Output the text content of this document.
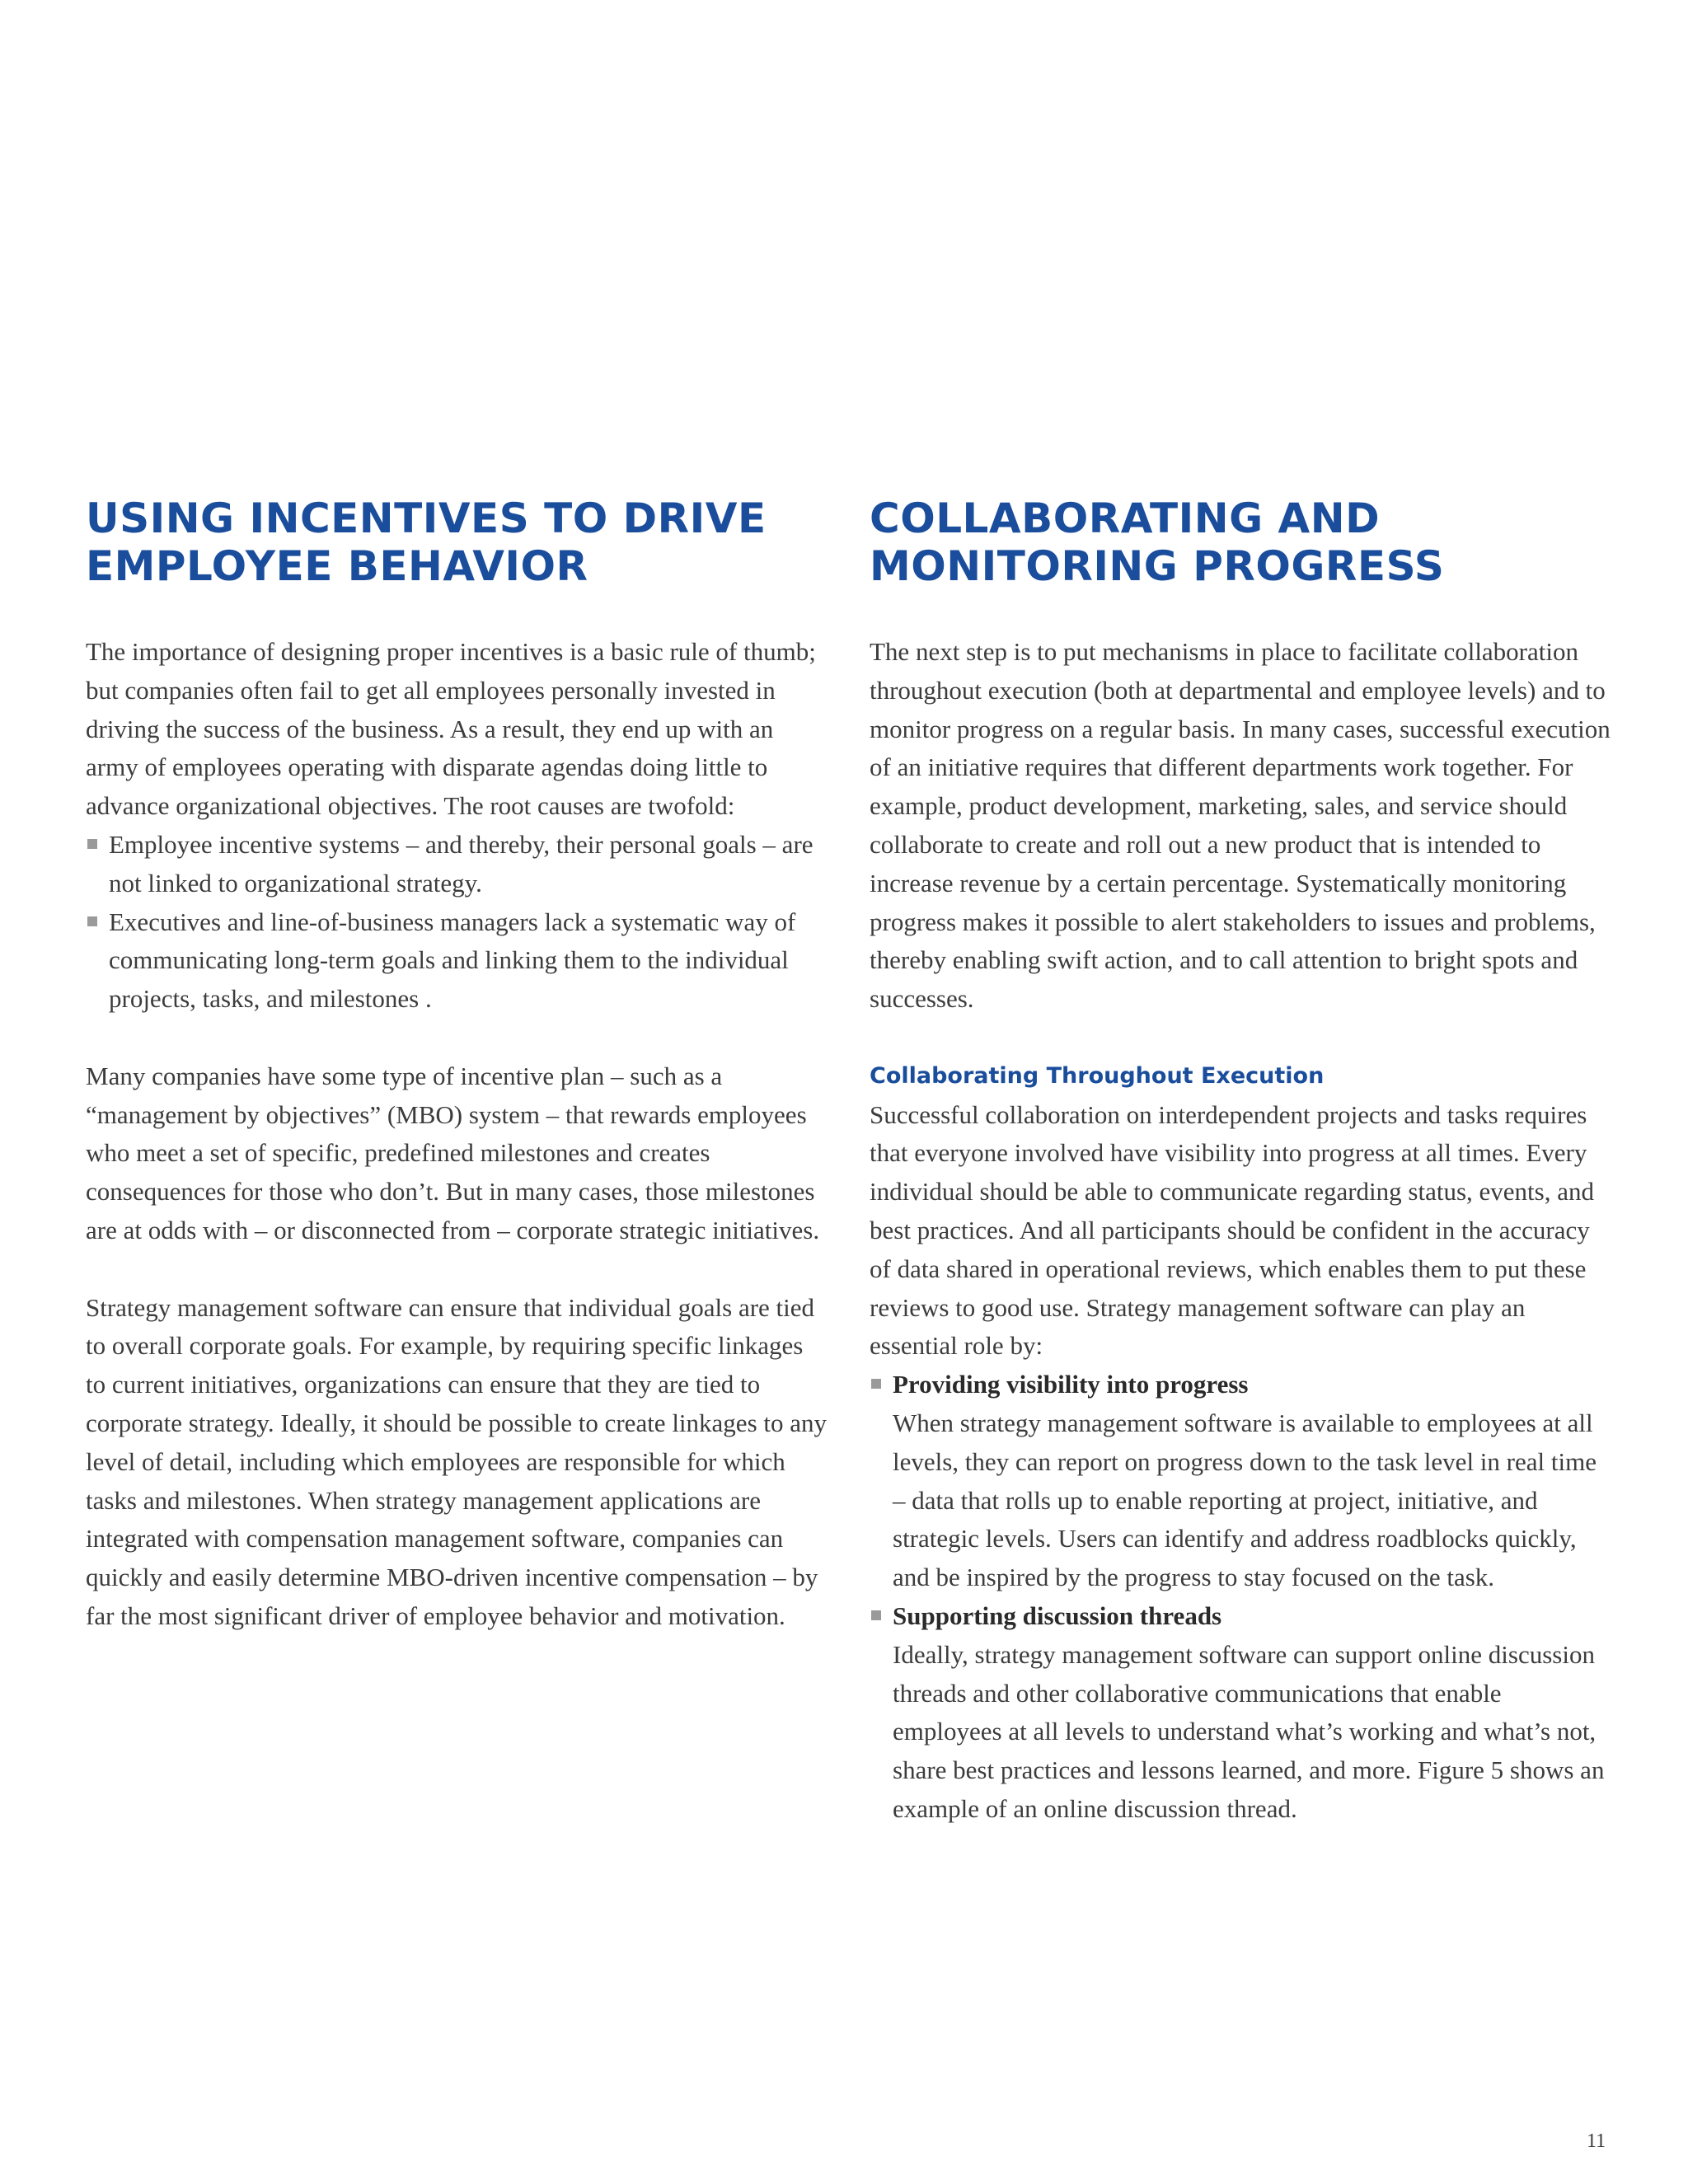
USING INCENTIVES TO DRIVE
EMPLOYEE BEHAVIOR

The importance of designing proper incentives is a basic rule of thumb; but companies often fail to get all employees personally invested in driving the success of the business. As a result, they end up with an army of employees operating with disparate agendas doing little to advance organizational objectives. The root causes are twofold:

Employee incentive systems – and thereby, their personal goals – are not linked to organizational strategy.
Executives and line-of-business managers lack a systematic way of communicating long-term goals and linking them to the individual projects, tasks, and milestones .

Many companies have some type of incentive plan – such as a “management by objectives” (MBO) system – that rewards employees who meet a set of specific, predefined milestones and creates consequences for those who don’t. But in many cases, those milestones are at odds with – or disconnected from – corporate strategic initiatives.

Strategy management software can ensure that individual goals are tied to overall corporate goals. For example, by requiring specific linkages to current initiatives, organizations can ensure that they are tied to corporate strategy. Ideally, it should be possible to create linkages to any level of detail, including which employees are responsible for which tasks and milestones. When strategy management applications are integrated with compensation management software, companies can quickly and easily determine MBO-driven incentive compensation – by far the most significant driver of employee behavior and motivation.

COLLABORATING AND
MONITORING PROGRESS

The next step is to put mechanisms in place to facilitate collaboration throughout execution (both at departmental and employee levels) and to monitor progress on a regular basis. In many cases, successful execution of an initiative requires that different departments work together. For example, product development, marketing, sales, and service should collaborate to create and roll out a new product that is intended to increase revenue by a certain percentage. Systematically monitoring progress makes it possible to alert stakeholders to issues and problems, thereby enabling swift action, and to call attention to bright spots and successes.

Collaborating Throughout Execution

Successful collaboration on interdependent projects and tasks requires that everyone involved have visibility into progress at all times. Every individual should be able to communicate regarding status, events, and best practices. And all participants should be confident in the accuracy of data shared in operational reviews, which enables them to put these reviews to good use. Strategy management software can play an essential role by:

Providing visibility into progress
When strategy management software is available to employees at all levels, they can report on progress down to the task level in real time – data that rolls up to enable reporting at project, initiative, and strategic levels. Users can identify and address roadblocks quickly, and be inspired by the progress to stay focused on the task.
Supporting discussion threads
Ideally, strategy management software can support online discussion threads and other collaborative communications that enable employees at all levels to understand what’s working and what’s not, share best practices and lessons learned, and more. Figure 5 shows an example of an online discussion thread.
11
